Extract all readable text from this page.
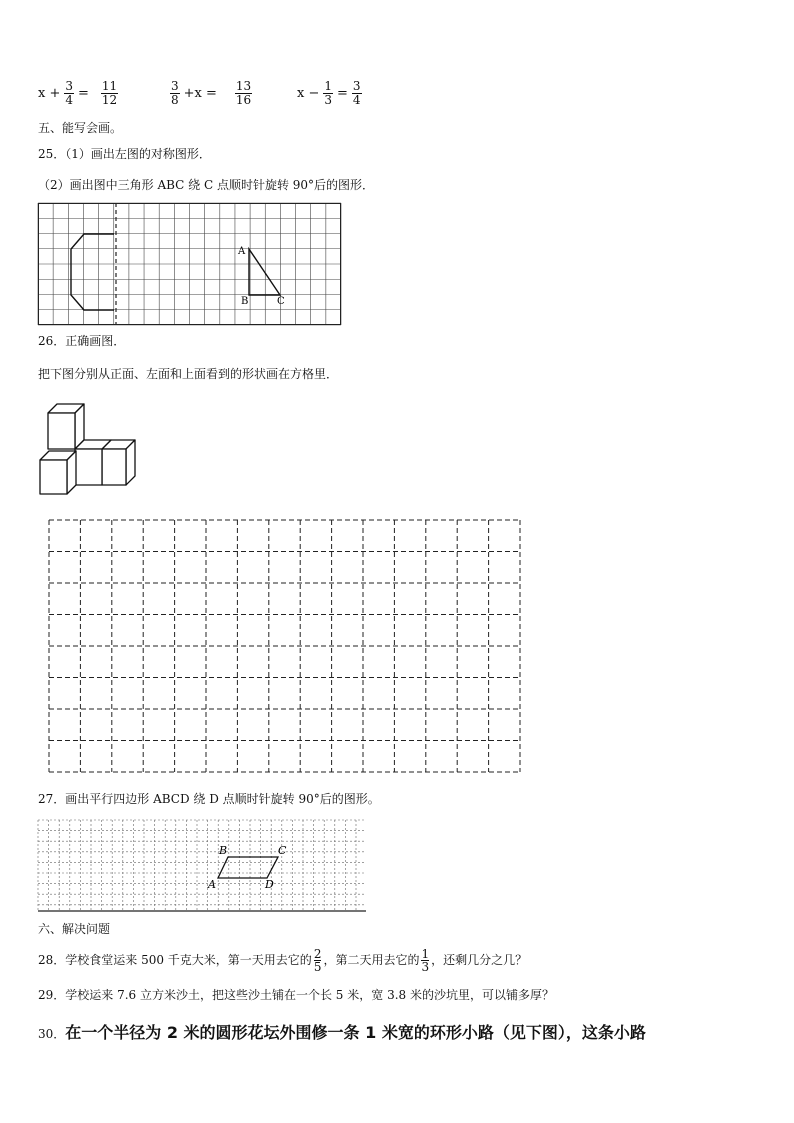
$x + \frac{3}{4} = \frac{11}{12}$	$\frac{3}{8} +x = \frac{13}{16}$	$x - \frac{1}{3} = \frac{3}{4}$
五、能写会画。
25．（1）画出左图的对称图形．
（2）画出图中三角形 ABC 绕 C 点顺时针旋转 90°后的图形．
A
B	C
26．正确画图．
把下图分别从正面、左面和上面看到的形状画在方格里．
27．画出平行四边形 ABCD 绕 D 点顺时针旋转 90°后的图形。
A
B	C
D
六、解决问题
28．学校食堂运来 500 千克大米，第一天用去它的 $\frac{2}{5}$ ，第二天用去它的 $\frac{1}{3}$ ，还剩几分之几？
29．学校运来 7.6 立方米沙土，把这些沙土铺在一个长 5 米，宽 3.8 米的沙坑里，可以铺多厚？
30． 在一个半径为 2 米的圆形花坛外围修一条 1 米宽的环形小路（见下图），这条小路
